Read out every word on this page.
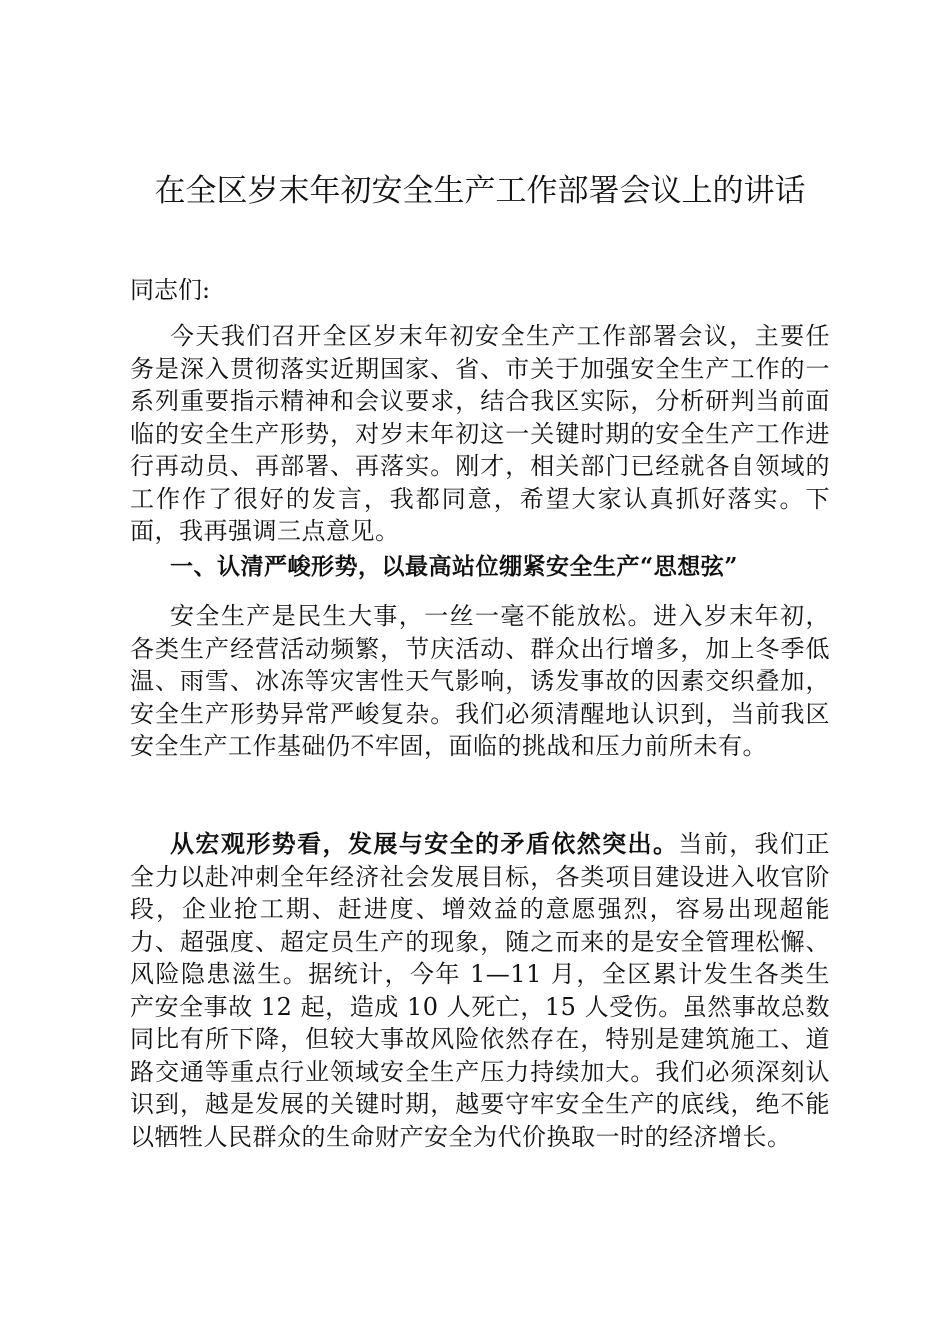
在全区岁末年初安全生产工作部署会议上的讲话

同志们:

今天我们召开全区岁末年初安全生产工作部署会议，主要任务是深入贯彻落实近期国家、省、市关于加强安全生产工作的一系列重要指示精神和会议要求，结合我区实际，分析研判当前面临的安全生产形势，对岁末年初这一关键时期的安全生产工作进行再动员、再部署、再落实。刚才，相关部门已经就各自领域的工作作了很好的发言，我都同意，希望大家认真抓好落实。下面，我再强调三点意见。

一、认清严峻形势，以最高站位绷紧安全生产“思想弦”

安全生产是民生大事，一丝一毫不能放松。进入岁末年初，各类生产经营活动频繁，节庆活动、群众出行增多，加上冬季低温、雨雪、冰冻等灾害性天气影响，诱发事故的因素交织叠加，安全生产形势异常严峻复杂。我们必须清醒地认识到，当前我区安全生产工作基础仍不牢固，面临的挑战和压力前所未有。

从宏观形势看，发展与安全的矛盾依然突出。当前，我们正全力以赴冲刺全年经济社会发展目标，各类项目建设进入收官阶段，企业抢工期、赶进度、增效益的意愿强烈，容易出现超能力、超强度、超定员生产的现象，随之而来的是安全管理松懈、风险隐患滋生。据统计，今年 1—11 月，全区累计发生各类生产安全事故 12 起，造成 10 人死亡，15 人受伤。虽然事故总数同比有所下降，但较大事故风险依然存在，特别是建筑施工、道路交通等重点行业领域安全生产压力持续加大。我们必须深刻认识到，越是发展的关键时期，越要守牢安全生产的底线，绝不能以牺牲人民群众的生命财产安全为代价换取一时的经济增长。
